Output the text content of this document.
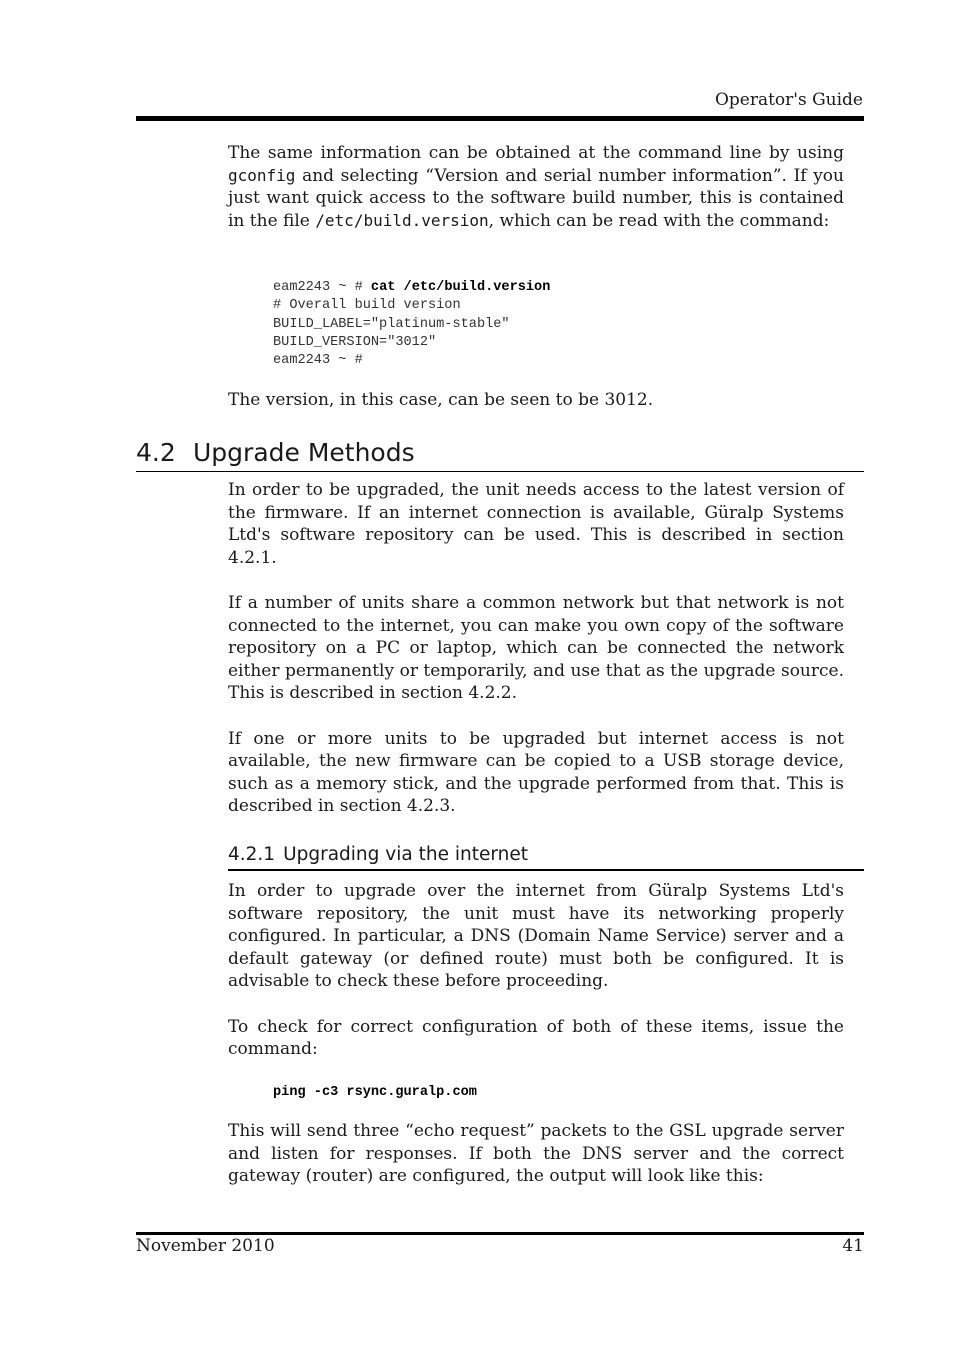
Operator's Guide

The same information can be obtained at the command line by using gconfig and selecting “Version and serial number information”. If you just want quick access to the software build number, this is contained in the file /etc/build.version, which can be read with the command:

eam2243 ~ # cat /etc/build.version
# Overall build version
BUILD_LABEL="platinum-stable"
BUILD_VERSION="3012"
eam2243 ~ #

The version, in this case, can be seen to be 3012.

4.2 Upgrade Methods

In order to be upgraded, the unit needs access to the latest version of the firmware. If an internet connection is available, Güralp Systems Ltd's software repository can be used. This is described in section 4.2.1.

If a number of units share a common network but that network is not connected to the internet, you can make you own copy of the software repository on a PC or laptop, which can be connected the network either permanently or temporarily, and use that as the upgrade source. This is described in section 4.2.2.

If one or more units to be upgraded but internet access is not available, the new firmware can be copied to a USB storage device, such as a memory stick, and the upgrade performed from that. This is described in section 4.2.3.

4.2.1 Upgrading via the internet

In order to upgrade over the internet from Güralp Systems Ltd's software repository, the unit must have its networking properly configured. In particular, a DNS (Domain Name Service) server and a default gateway (or defined route) must both be configured. It is advisable to check these before proceeding.

To check for correct configuration of both of these items, issue the command:

ping -c3 rsync.guralp.com

This will send three “echo request” packets to the GSL upgrade server and listen for responses. If both the DNS server and the correct gateway (router) are configured, the output will look like this:

November 2010	41
